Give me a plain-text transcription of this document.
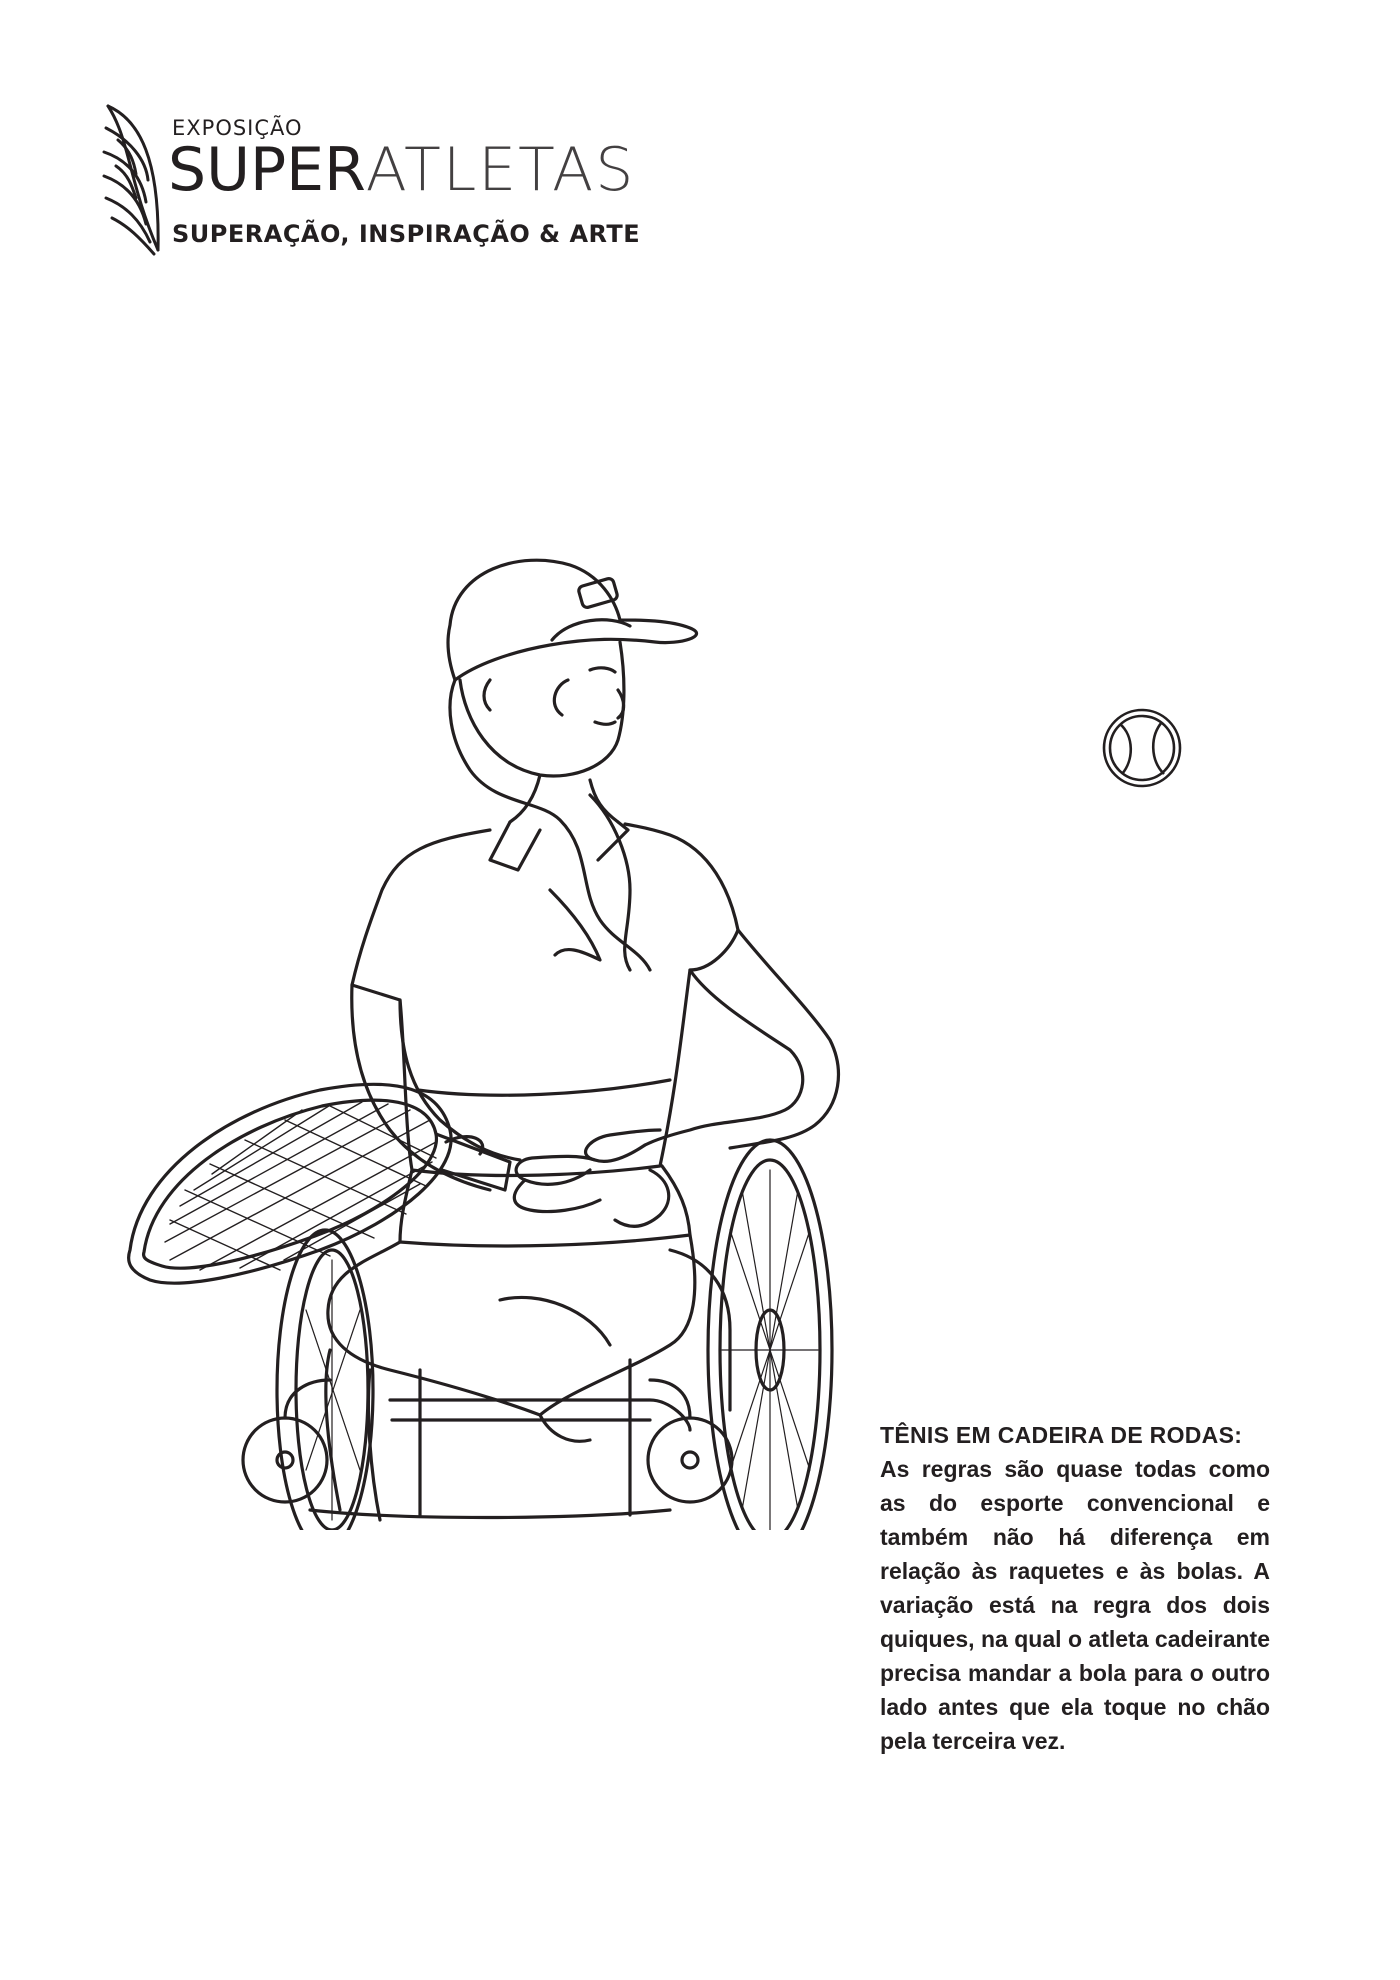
EXPOSIÇÃO
SUPERATLETAS
SUPERAÇÃO, INSPIRAÇÃO & ARTE

TÊNIS EM CADEIRA DE RODAS:

As regras são quase todas como as do esporte convencional e também não há diferença em relação às raquetes e às bolas. A variação está na regra dos dois quiques, na qual o atleta cadeirante precisa mandar a bola para o outro lado antes que ela toque no chão pela terceira vez.
